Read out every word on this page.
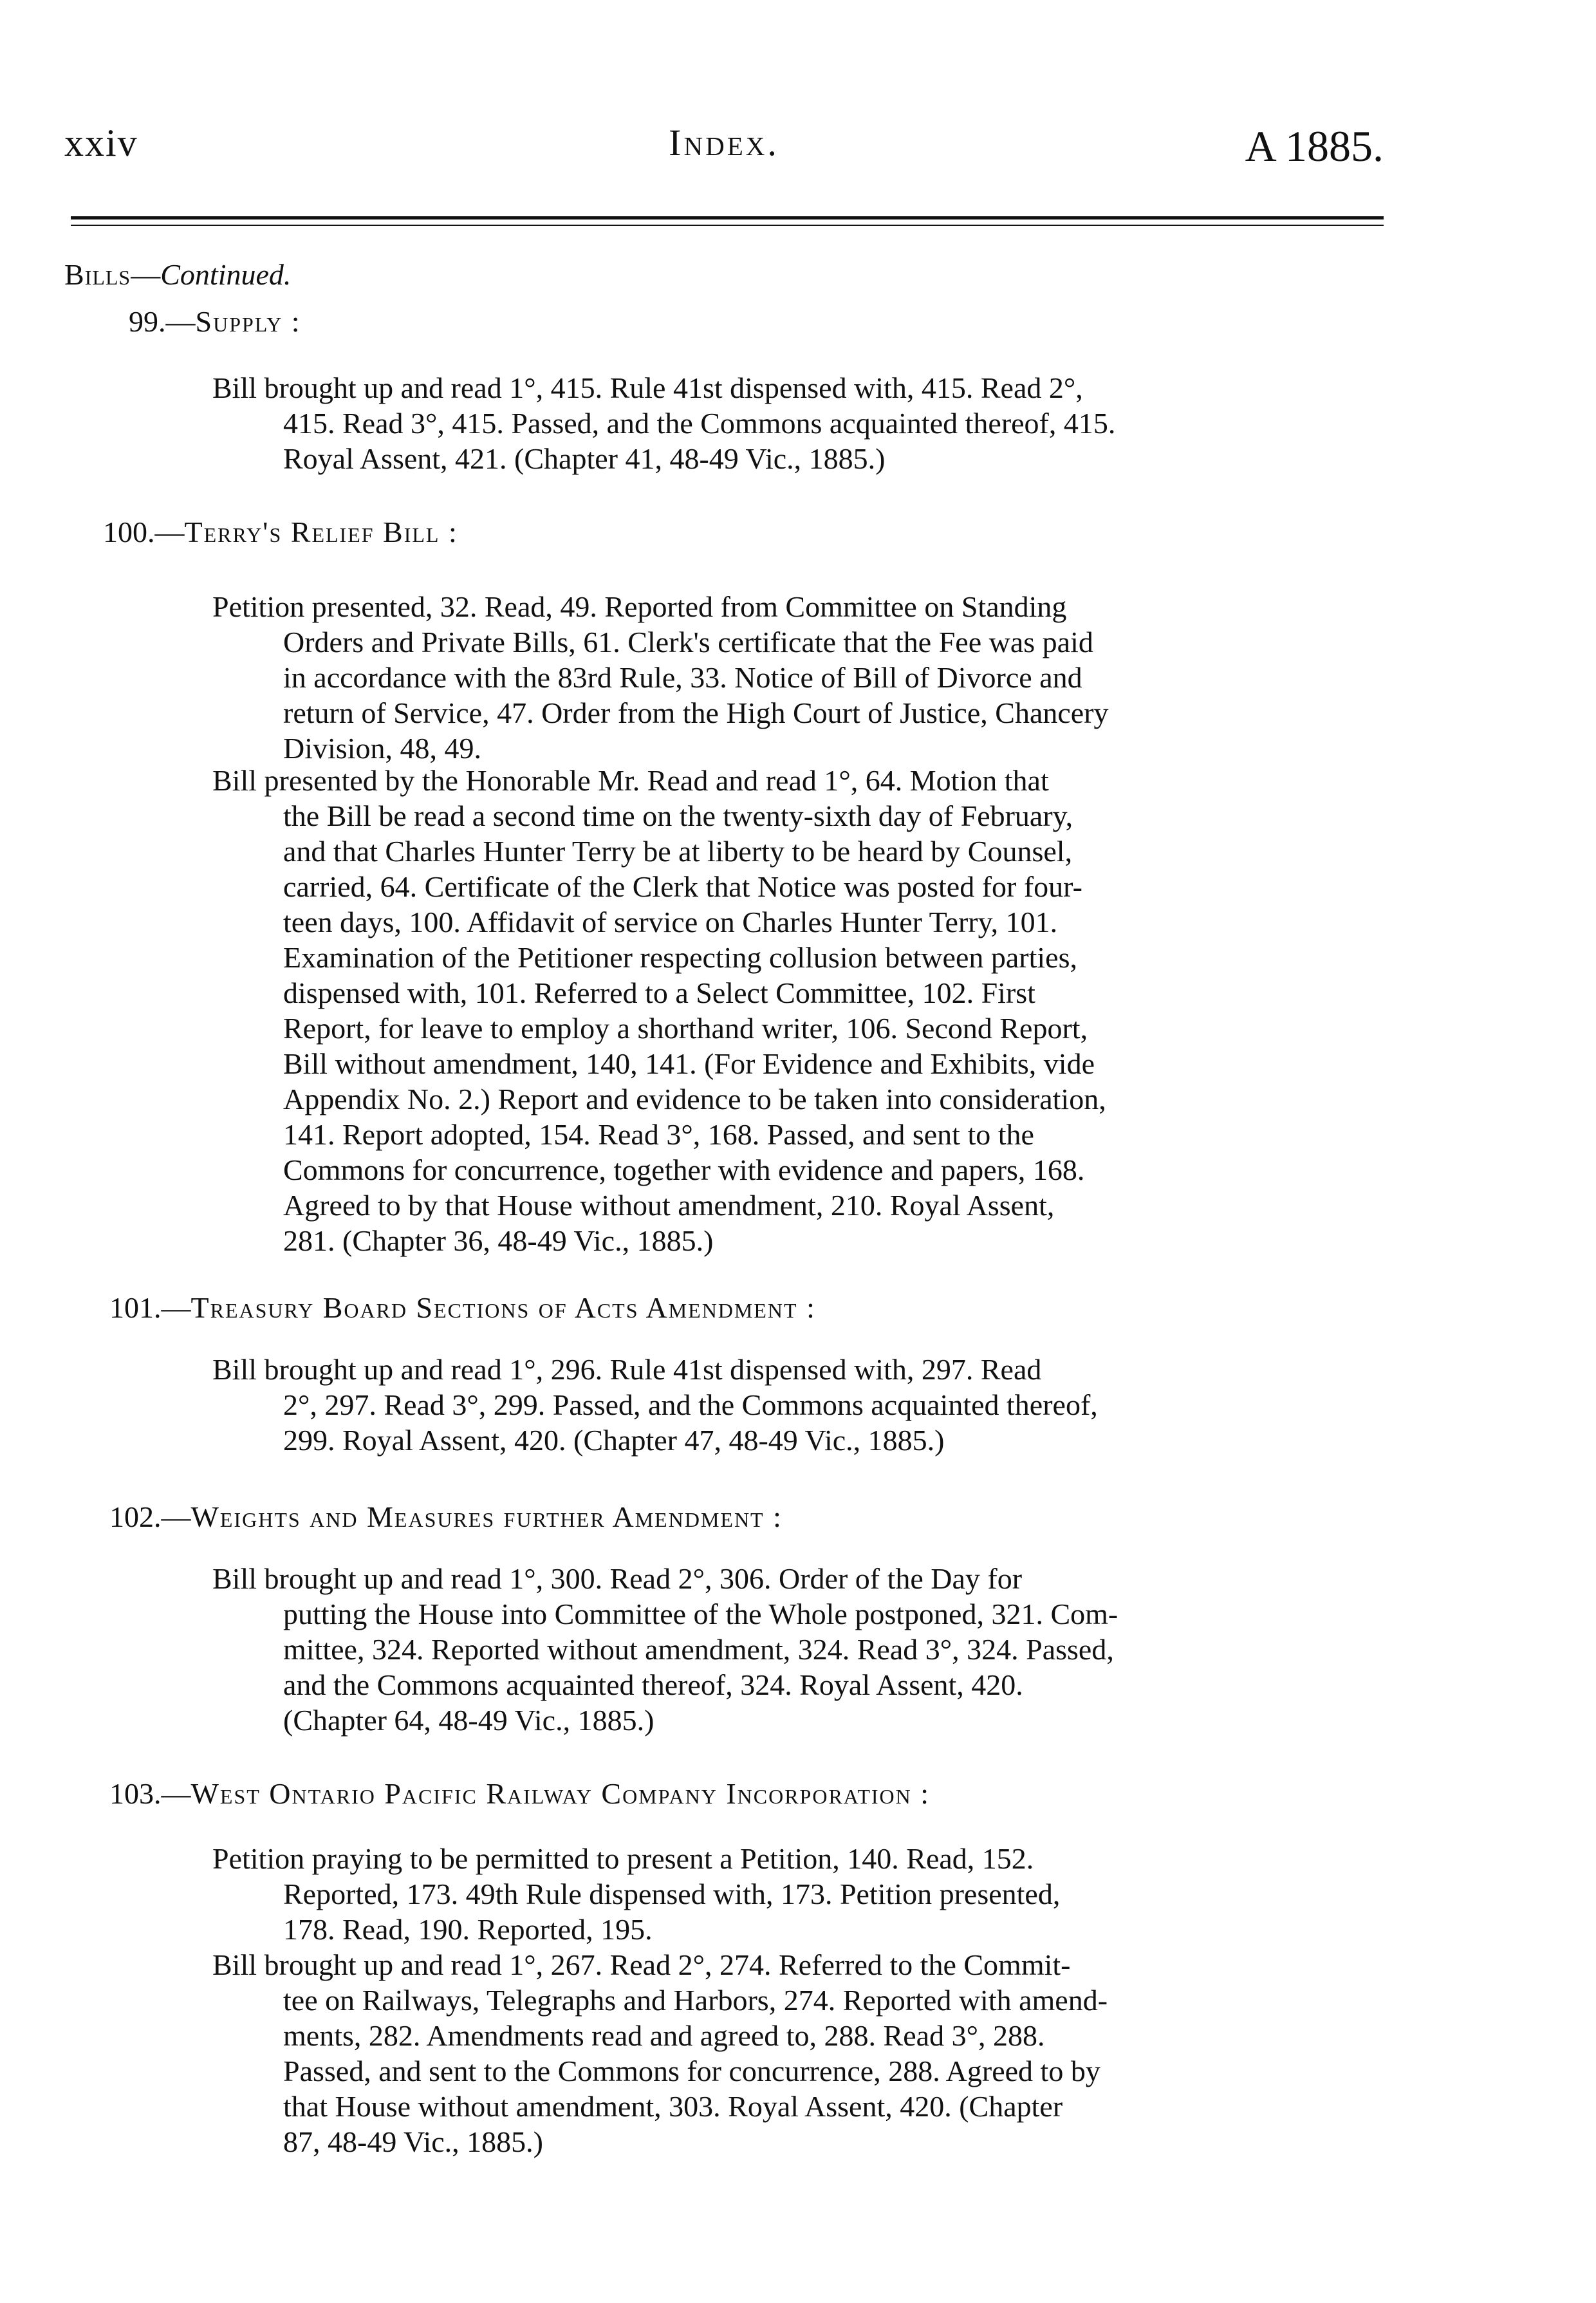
xxiv	Index.	A 1885.
Bills—Continued.
99.—Supply :
Bill brought up and read 1°, 415. Rule 41st dispensed with, 415. Read 2°,
415. Read 3°, 415. Passed, and the Commons acquainted thereof, 415.
Royal Assent, 421. (Chapter 41, 48-49 Vic., 1885.)
100.—Terry's Relief Bill :
Petition presented, 32. Read, 49. Reported from Committee on Standing
Orders and Private Bills, 61. Clerk's certificate that the Fee was paid
in accordance with the 83rd Rule, 33. Notice of Bill of Divorce and
return of Service, 47. Order from the High Court of Justice, Chancery
Division, 48, 49.
Bill presented by the Honorable Mr. Read and read 1°, 64. Motion that
the Bill be read a second time on the twenty-sixth day of February,
and that Charles Hunter Terry be at liberty to be heard by Counsel,
carried, 64. Certificate of the Clerk that Notice was posted for four-
teen days, 100. Affidavit of service on Charles Hunter Terry, 101.
Examination of the Petitioner respecting collusion between parties,
dispensed with, 101. Referred to a Select Committee, 102. First
Report, for leave to employ a shorthand writer, 106. Second Report,
Bill without amendment, 140, 141. (For Evidence and Exhibits, vide
Appendix No. 2.) Report and evidence to be taken into consideration,
141. Report adopted, 154. Read 3°, 168. Passed, and sent to the
Commons for concurrence, together with evidence and papers, 168.
Agreed to by that House without amendment, 210. Royal Assent,
281. (Chapter 36, 48-49 Vic., 1885.)
101.—Treasury Board Sections of Acts Amendment :
Bill brought up and read 1°, 296. Rule 41st dispensed with, 297. Read
2°, 297. Read 3°, 299. Passed, and the Commons acquainted thereof,
299. Royal Assent, 420. (Chapter 47, 48-49 Vic., 1885.)
102.—Weights and Measures further Amendment :
Bill brought up and read 1°, 300. Read 2°, 306. Order of the Day for
putting the House into Committee of the Whole postponed, 321. Com-
mittee, 324. Reported without amendment, 324. Read 3°, 324. Passed,
and the Commons acquainted thereof, 324. Royal Assent, 420.
(Chapter 64, 48-49 Vic., 1885.)
103.—West Ontario Pacific Railway Company Incorporation :
Petition praying to be permitted to present a Petition, 140. Read, 152.
Reported, 173. 49th Rule dispensed with, 173. Petition presented,
178. Read, 190. Reported, 195.
Bill brought up and read 1°, 267. Read 2°, 274. Referred to the Commit-
tee on Railways, Telegraphs and Harbors, 274. Reported with amend-
ments, 282. Amendments read and agreed to, 288. Read 3°, 288.
Passed, and sent to the Commons for concurrence, 288. Agreed to by
that House without amendment, 303. Royal Assent, 420. (Chapter
87, 48-49 Vic., 1885.)
